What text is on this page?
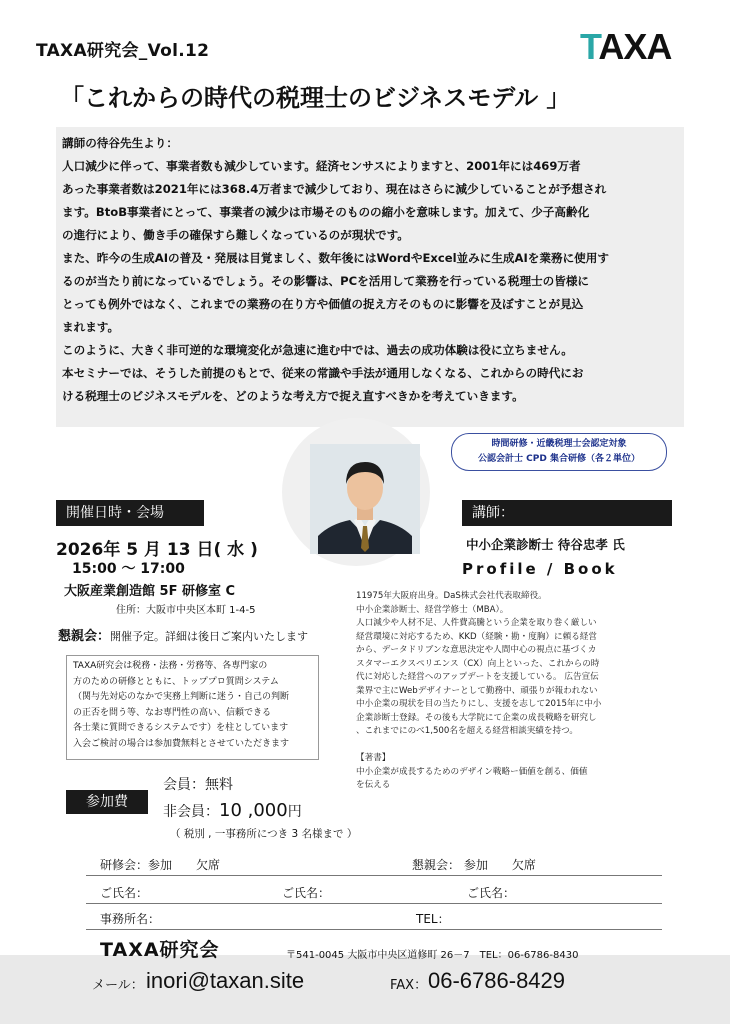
TAXA研究会_Vol.12	TAXA
「これからの時代の税理士のビジネスモデル 」

講師の待谷先生より：

人口減少に伴って、事業者数も減少しています。経済センサスによりますと、2001年には469万者

あった事業者数は2021年には368.4万者まで減少しており、現在はさらに減少していることが予想され

ます。BtoB事業者にとって、事業者の減少は市場そのものの縮小を意味します。加えて、少子高齢化

の進行により、働き手の確保すら難しくなっているのが現状です。

また、昨今の生成AIの普及・発展は目覚ましく、数年後にはWordやExcel並みに生成AIを業務に使用す

るのが当たり前になっているでしょう。その影響は、PCを活用して業務を行っている税理士の皆様に

とっても例外ではなく、これまでの業務の在り方や価値の捉え方そのものに影響を及ぼすことが見込

まれます。

このように、大きく非可逆的な環境変化が急速に進む中では、過去の成功体験は役に立ちません。

本セミナーでは、そうした前提のもとで、従来の常識や手法が通用しなくなる、これからの時代にお

ける税理士のビジネスモデルを、どのような考え方で捉え直すべきかを考えていきます。

時間研修・近畿税理士会認定対象
公認会計士 CPD 集合研修（各２単位）
開催日時・会場	講師：
2026年 5 月 13 日( 水 )
15:00 〜 17:00
大阪産業創造館 5F 研修室 C
住所：大阪市中央区本町 1-4-5
懇親会：開催予定。詳細は後日ご案内いたします
TAXA研究会は税務・法務・労務等、各専門家の
方のための研修とともに、トッププロ質問システム
（関与先対応のなかで実務上判断に迷う・自己の判断
の正否を問う等、なお専門性の高い、信頼できる
各士業に質問できるシステムです）を柱としています
入会ご検討の場合は参加費無料とさせていただきます
中小企業診断士 待谷忠孝 氏
Profile / Book
11975年大阪府出身。DaS株式会社代表取締役。
中小企業診断士、経営学修士（MBA）。
人口減少や人材不足、人件費高騰という企業を取り巻く厳しい
経営環境に対応するため、KKD（経験・勘・度胸）に頼る経営
から、データドリブンな意思決定や人間中心の視点に基づくカ
スタマーエクスペリエンス（CX）向上といった、これからの時
代に対応した経営へのアップデートを支援している。 広告宣伝
業界で主にWebデザイナーとして勤務中、頑張りが報われない
中小企業の現状を目の当たりにし、支援を志して2015年に中小
企業診断士登録。その後も大学院にて企業の成長戦略を研究し
、これまでにのべ1,500名を超える経営相談実績を持つ。

【著書】
中小企業が成長するためのデザイン戦略ー価値を創る、価値
を伝える
参加費
会員：無料
非会員：10 ,000円
（ 税別 , 一事務所につき 3 名様まで ）
研修会：参加　　欠席	懇親会： 参加　　欠席
ご氏名：	ご氏名：	ご氏名：
事務所名：	TEL：
TAXA研究会	〒541-0045 大阪市中央区道修町 26－7　TEL：06-6786-8430
メール： inori@taxan.site	FAX： 06-6786-8429
